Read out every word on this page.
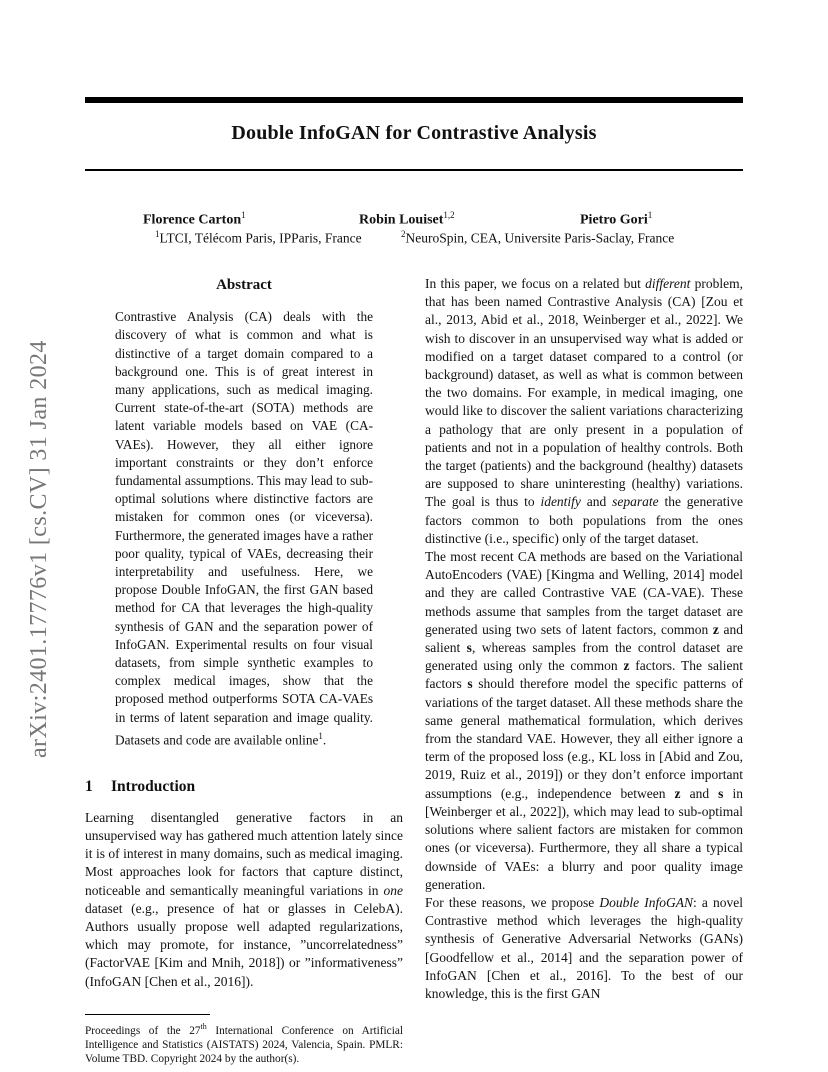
Double InfoGAN for Contrastive Analysis
Florence Carton$^1$	Robin Louiset$^{1,2}$	Pietro Gori$^1$
$^1$LTCI, Télécom Paris, IPParis, France	$^2$NeuroSpin, CEA, Universite Paris-Saclay, France
arXiv:2401.17776v1 [cs.CV] 31 Jan 2024
Abstract

Contrastive Analysis (CA) deals with the discovery of what is common and what is distinctive of a target domain compared to a background one. This is of great interest in many applications, such as medical imaging. Current state-of-the-art (SOTA) methods are latent variable models based on VAE (CA-VAEs). However, they all either ignore important constraints or they don’t enforce fundamental assumptions. This may lead to sub-optimal solutions where distinctive factors are mistaken for common ones (or viceversa). Furthermore, the generated images have a rather poor quality, typical of VAEs, decreasing their interpretability and usefulness. Here, we propose Double InfoGAN, the first GAN based method for CA that leverages the high-quality synthesis of GAN and the separation power of InfoGAN. Experimental results on four visual datasets, from simple synthetic examples to complex medical images, show that the proposed method outperforms SOTA CA-VAEs in terms of latent separation and image quality. Datasets and code are available online$^1$.

1 Introduction

Learning disentangled generative factors in an unsupervised way has gathered much attention lately since it is of interest in many domains, such as medical imaging. Most approaches look for factors that capture distinct, noticeable and semantically meaningful variations in one dataset (e.g., presence of hat or glasses in CelebA). Authors usually propose well adapted regularizations, which may promote, for instance, ”uncorrelatedness” (FactorVAE [Kim and Mnih, 2018]) or ”informativeness” (InfoGAN [Chen et al., 2016]).

Proceedings of the 27th International Conference on Artificial Intelligence and Statistics (AISTATS) 2024, Valencia, Spain. PMLR: Volume TBD. Copyright 2024 by the author(s).

In this paper, we focus on a related but different problem, that has been named Contrastive Analysis (CA) [Zou et al., 2013, Abid et al., 2018, Weinberger et al., 2022]. We wish to discover in an unsupervised way what is added or modified on a target dataset compared to a control (or background) dataset, as well as what is common between the two domains. For example, in medical imaging, one would like to discover the salient variations characterizing a pathology that are only present in a population of patients and not in a population of healthy controls. Both the target (patients) and the background (healthy) datasets are supposed to share uninteresting (healthy) variations. The goal is thus to identify and separate the generative factors common to both populations from the ones distinctive (i.e., specific) only of the target dataset.

The most recent CA methods are based on the Variational AutoEncoders (VAE) [Kingma and Welling, 2014] model and they are called Contrastive VAE (CA-VAE). These methods assume that samples from the target dataset are generated using two sets of latent factors, common z and salient s, whereas samples from the control dataset are generated using only the common z factors. The salient factors s should therefore model the specific patterns of variations of the target dataset. All these methods share the same general mathematical formulation, which derives from the standard VAE. However, they all either ignore a term of the proposed loss (e.g., KL loss in [Abid and Zou, 2019, Ruiz et al., 2019]) or they don’t enforce important assumptions (e.g., independence between z and s in [Weinberger et al., 2022]), which may lead to sub-optimal solutions where salient factors are mistaken for common ones (or viceversa). Furthermore, they all share a typical downside of VAEs: a blurry and poor quality image generation.

For these reasons, we propose Double InfoGAN: a novel Contrastive method which leverages the high-quality synthesis of Generative Adversarial Networks (GANs) [Goodfellow et al., 2014] and the separation power of InfoGAN [Chen et al., 2016]. To the best of our knowledge, this is the first GAN
